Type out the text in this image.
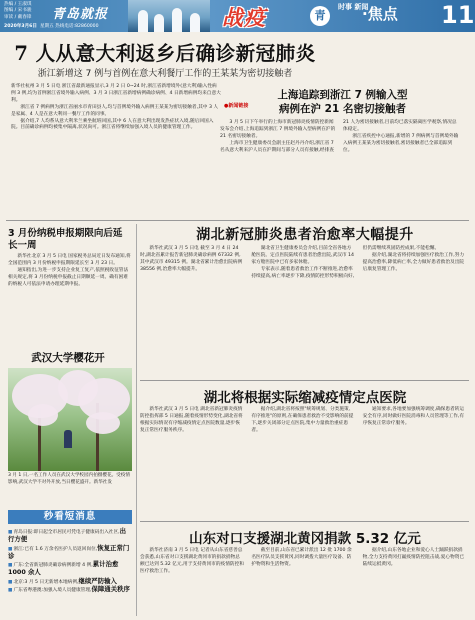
热编 / 王淑琪
图编 / 宋书骏
审读 / 戴春锋	青岛就报
2020年3月6日 星期五 热线电话:82860000	战疫	青
时事 新闻
·焦点 11
7 人从意大利返乡后确诊新冠肺炎
浙江新增这 7 例与首例在意大利餐厅工作的王某某为密切接触者

新华社杭州 3 月 5 日电 浙江省最新通报显示,3 月 2 日 0~24 时,浙江省新增境外(意大利)输入性病例 3 例,均为首例浙江省境外输入病例、3 月 3 日浙江省新增病例确诊病例、4 日新增病例均来自意大利。

浙江省 7 例病例为浙江省丽水市青田县人,均与首例境外输入病例王某某为密切接触者,其中 3 人是家属、4 人是在意大利同一餐厅工作的同事。

据介绍,7 人均系从意大利米兰乘坐航班回国,其中 6 人在意大利出现发热症状入境,随后回国入院。目前确诊病例均被集中隔离,状况尚可。浙江省将继续加强入境人员的健康管理工作。

●新闻链接
上海追踪到浙江 7 例输入型
病例在沪 21 名密切接触者

3 月 5 日下午举行的上海市新冠肺炎疫情防控新闻发布会介绍,上海追踪到浙江 7 例境外输入型病例在沪的 21 名密切接触者。

上海市卫生健康委员会副主任赵丹丹介绍,浙江省 7 名从意大利来沪人员在沪期间与部分人员有接触,经排查 21 人为密切接触者,目前均已落实隔离医学观察,情况总体稳定。

浙江省疾控中心通报,新增的 7 例病例与首例境外输入病例王某某为密切接触者,密切接触者已全部追踪到位。

3 月份纳税申报期限向后延长一周

新华社北京 3 月 5 日电 国家税务总局近日发布通知,将全国范围内 3 月份纳税申报期限延长至 3 月 23 日。

通知指出,为进一步支持企业复工复产,依照税收征管法相关规定,将 3 月份纳税申报截止日期顺延一周。确有困难的纳税人可依法申请办理延期申报。

武汉大学樱花开
3 月 1 日,一名工作人员在武汉大学校园内拍摄樱花。受疫情影响,武汉大学不对外开放,当日樱花盛开。新华社发
秒看短消息
■青岛日报:即日起全市居民可凭电子健康码出入社区,出行方便
■浙江:已有 1.6 万余名医护人员返回岗位,恢复正常门诊
■广东:全省新冠肺炎确诊病例新增 4 例,累计治愈 1000 余人
■北京:3 月 5 日无新增本地病例,继续严防输入
■广东省粤港澳:加强入境人员健康管理,保障通关秩序
湖北新冠肺炎患者治愈率大幅提升

新华社武汉 3 月 5 日电 截至 3 月 4 日 24 时,湖北省累计报告新冠肺炎确诊病例 67332 例,其中武汉市 49315 例。湖北省累计治愈出院病例 38556 例,治愈率大幅提升。

湖北省卫生健康委员会介绍,目前全省各地方舱医院、定点医院陆续有患者治愈出院,武汉市 14 家方舱医院中已有多家休舱。

专家表示,随着患者救治工作不断推进,治愈率持续提高,病亡率逐步下降,疫情防控形势积极向好,但仍需继续巩固防控成果,不能松懈。

据介绍,湖北省将持续加强医疗救治工作,努力提高治愈率,降低病亡率,全力做好患者救治及出院后康复管理工作。

湖北将根据实际缩减疫情定点医院

新华社武汉 3 月 5 日电 湖北省新冠肺炎疫情防控指挥部 5 日通报,随着疫情形势变化,湖北省将根据实际情况有序缩减疫情定点医院数量,逐步恢复正常医疗服务秩序。

据介绍,湖北省将按照"统筹规划、分类施策、有序推进"的原则,在确保患者救治不受影响的前提下,逐步关闭部分定点医院,集中力量救治重症患者。

通知要求,各地要加强统筹调度,确保患者转运安全有序,同时做好医院消毒和人员管理等工作,有序恢复正常诊疗服务。

山东对口支援湖北黄冈捐款 5.32 亿元

新华社济南 3 月 5 日电 记者从山东省慈善总会获悉,山东省对口支援湖北黄冈市的捐款捐物总额已达到 5.32 亿元,用于支持黄冈市的疫情防控和医疗救治工作。

截至目前,山东省已累计派出 12 批 1700 余名医疗队员支援黄冈,同时调拨大量医疗设备、防护物资和生活物资。

据介绍,山东各地企业和爱心人士踊跃捐款捐物,全力支持黄冈打赢疫情防控阻击战,爱心物资已陆续运抵黄冈。
